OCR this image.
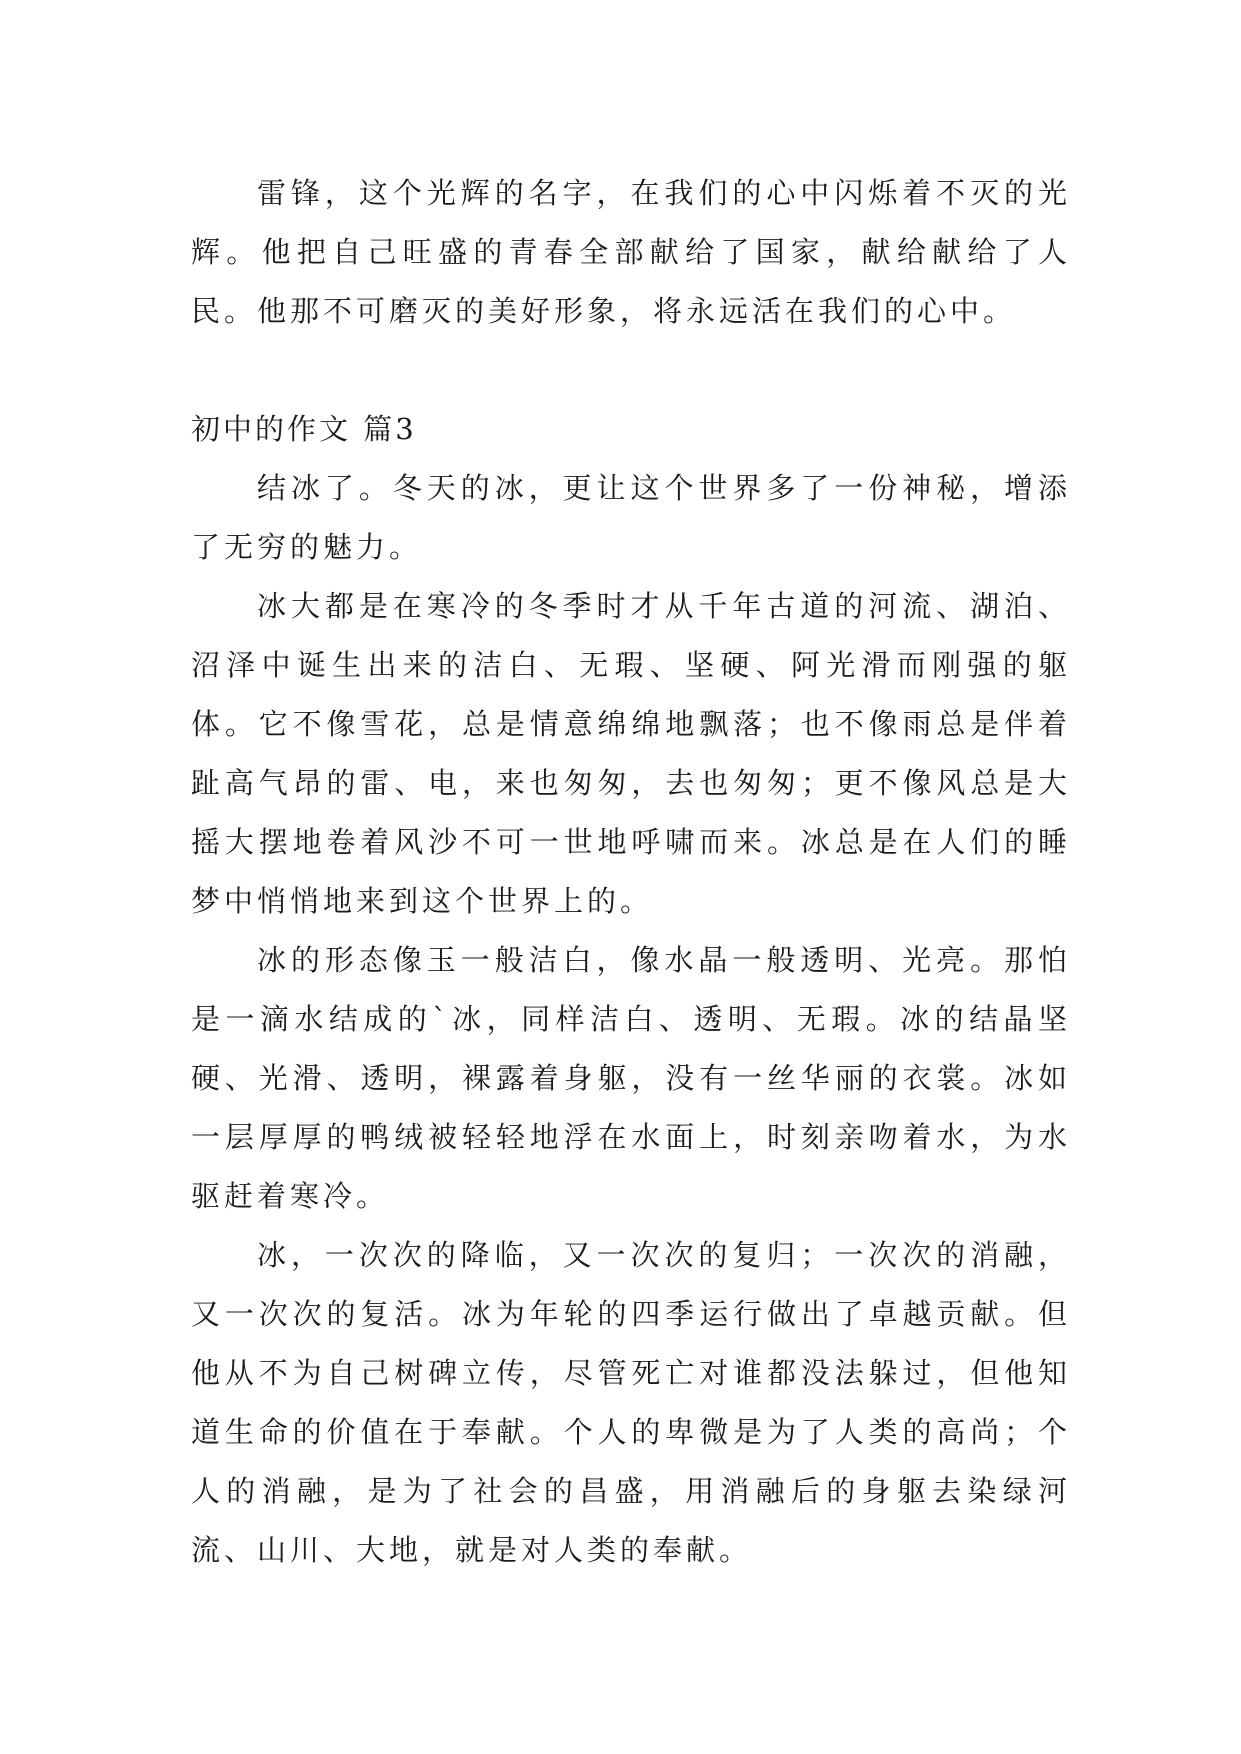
雷锋，这个光辉的名字，在我们的心中闪烁着不灭的光辉。他把自己旺盛的青春全部献给了国家，献给献给了人民。他那不可磨灭的美好形象，将永远活在我们的心中。

初中的作文 篇3

结冰了。冬天的冰，更让这个世界多了一份神秘，增添了无穷的魅力。

冰大都是在寒冷的冬季时才从千年古道的河流、湖泊、沼泽中诞生出来的洁白、无瑕、坚硬、阿光滑而刚强的躯体。它不像雪花，总是情意绵绵地飘落；也不像雨总是伴着趾高气昂的雷、电，来也匆匆，去也匆匆；更不像风总是大摇大摆地卷着风沙不可一世地呼啸而来。冰总是在人们的睡梦中悄悄地来到这个世界上的。

冰的形态像玉一般洁白，像水晶一般透明、光亮。那怕是一滴水结成的`冰，同样洁白、透明、无瑕。冰的结晶坚硬、光滑、透明，裸露着身躯，没有一丝华丽的衣裳。冰如一层厚厚的鸭绒被轻轻地浮在水面上，时刻亲吻着水，为水驱赶着寒冷。

冰，一次次的降临，又一次次的复归；一次次的消融，又一次次的复活。冰为年轮的四季运行做出了卓越贡献。但他从不为自己树碑立传，尽管死亡对谁都没法躲过，但他知道生命的价值在于奉献。个人的卑微是为了人类的高尚；个人的消融，是为了社会的昌盛，用消融后的身躯去染绿河流、山川、大地，就是对人类的奉献。
